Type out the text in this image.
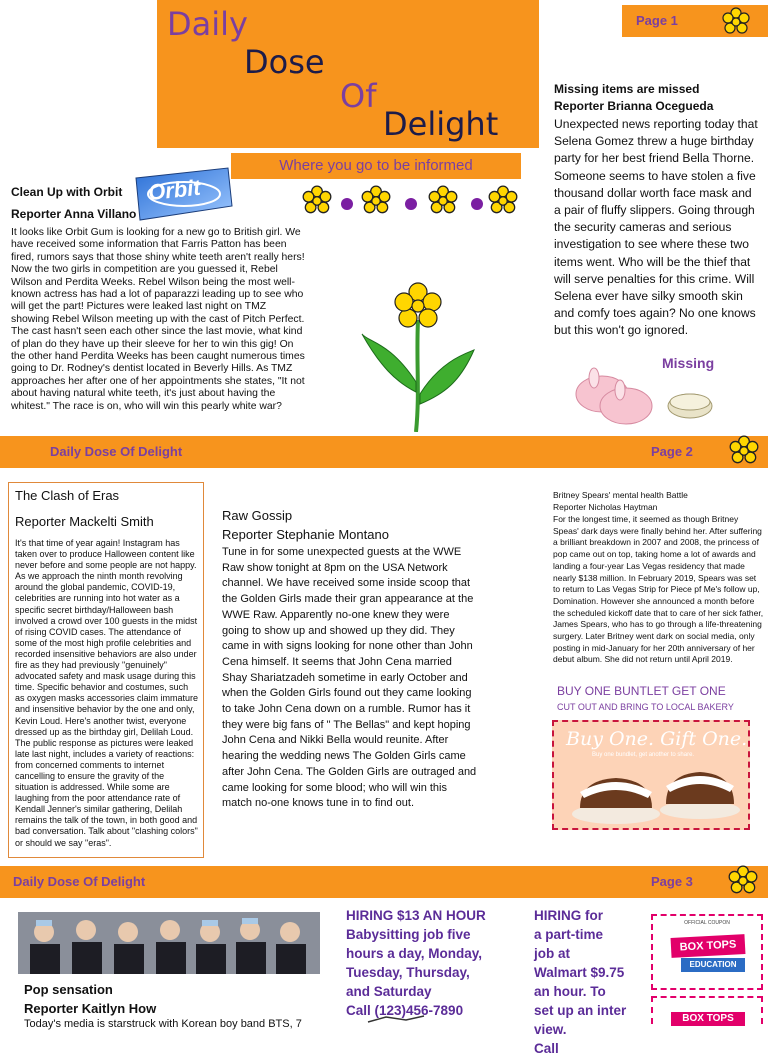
Daily
Dose
Of
Delight
Where you go to be informed
Page 1
Orbit
Clean Up with Orbit
Reporter Anna Villano
It looks like Orbit Gum is looking for a new go to British girl. We have received some information that Farris Patton has been fired, rumors says that those shiny white teeth aren't really hers! Now the two girls in competition are you guessed it, Rebel Wilson and Perdita Weeks. Rebel Wilson being the most well-known actress has had a lot of paparazzi leading up to see who will get the part! Pictures were leaked last night on TMZ showing Rebel Wilson meeting up with the cast of Pitch Perfect. The cast hasn't seen each other since the last movie, what kind of plan do they have up their sleeve for her to win this gig! On the other hand Perdita Weeks has been caught numerous times going to Dr. Rodney's dentist located in Beverly Hills. As TMZ approaches her after one of her appointments she states, "It not about having natural white teeth, it's just about having the whitest." The race is on, who will win this pearly white war?
Missing items are missed
Reporter Brianna Ocegueda
Unexpected news reporting today that Selena Gomez threw a huge birthday party for her best friend Bella Thorne. Someone seems to have stolen a five thousand dollar worth face mask and a pair of fluffy slippers. Going through the security cameras and serious investigation to see where these two items went. Who will be the thief that will serve penalties for this crime. Will Selena ever have silky smooth skin and comfy toes again? No one knows but this won't go ignored.
Missing
Daily Dose Of Delight	Page 2
The Clash of Eras
Reporter Mackelti Smith
It's that time of year again! Instagram has taken over to produce Halloween content like never before and some people are not happy. As we approach the ninth month revolving around the global pandemic, COVID-19, celebrities are running into hot water as a specific secret birthday/Halloween bash involved a crowd over 100 guests in the midst of rising COVID cases. The attendance of some of the most high profile celebrities and recorded insensitive behaviors are also under fire as they had previously "genuinely" advocated safety and mask usage during this time. Specific behavior and costumes, such as oxygen masks accessories claim immature and insensitive behavior by the one and only, Kevin Loud. Here's another twist, everyone dressed up as the birthday girl, Delilah Loud. The public response as pictures were leaked late last night, includes a variety of reactions: from concerned comments to internet cancelling to ensure the gravity of the situation is addressed. While some are laughing from the poor attendance rate of Kendall Jenner's similar gathering, Delilah remains the talk of the town, in both good and bad conversation. Talk about "clashing colors" or should we say "eras".
Raw Gossip
Reporter Stephanie Montano
Tune in for some unexpected guests at the WWE Raw show tonight at 8pm on the USA Network channel. We have received some inside scoop that the Golden Girls made their gran appearance at the WWE Raw. Apparently no-one knew they were going to show up and showed up they did. They came in with signs looking for none other than John Cena himself. It seems that John Cena married Shay Shariatzadeh sometime in early October and when the Golden Girls found out they came looking to take John Cena down on a rumble. Rumor has it they were big fans of " The Bellas" and kept hoping John Cena and Nikki Bella would reunite. After hearing the wedding news The Golden Girls came after John Cena. The Golden Girls are outraged and came looking for some blood; who will win this match no-one knows tune in to find out.
Britney Spears' mental health Battle
Reporter Nicholas Haytman
For the longest time, it seemed as though Britney Speas' dark days were finally behind her. After suffering a brilliant breakdown in 2007 and 2008, the princess of pop came out on top, taking home a lot of awards and landing a four-year Las Vegas residency that made nearly $138 million. In February 2019, Spears was set to return to Las Vegas Strip for Piece pf Me's follow up, Domination. However she announced a month before the scheduled kickoff date that to care of her sick father, James Spears, who has to go through a life-threatening surgery. Later Britney went dark on social media, only posting in mid-January for her 20th anniversary of her debut album. She did not return until April 2019.
BUY ONE BUNTLET GET ONE
CUT OUT AND BRING TO LOCAL BAKERY
Buy One. Gift One.
Buy one bundlet, get another to share.
Daily Dose Of Delight	Page 3
Pop sensation
Reporter Kaitlyn How
Today's media is starstruck with Korean boy band BTS, 7
HIRING $13 AN HOUR
Babysitting job five
hours a day, Monday,
Tuesday, Thursday,
and Saturday
Call (123)456-7890
HIRING for
a part-time
job at
Walmart $9.75
an hour. To
set up an inter
view.
Call
OFFICIAL COUPON
BOX TOPS
EDUCATION
BOX TOPS
